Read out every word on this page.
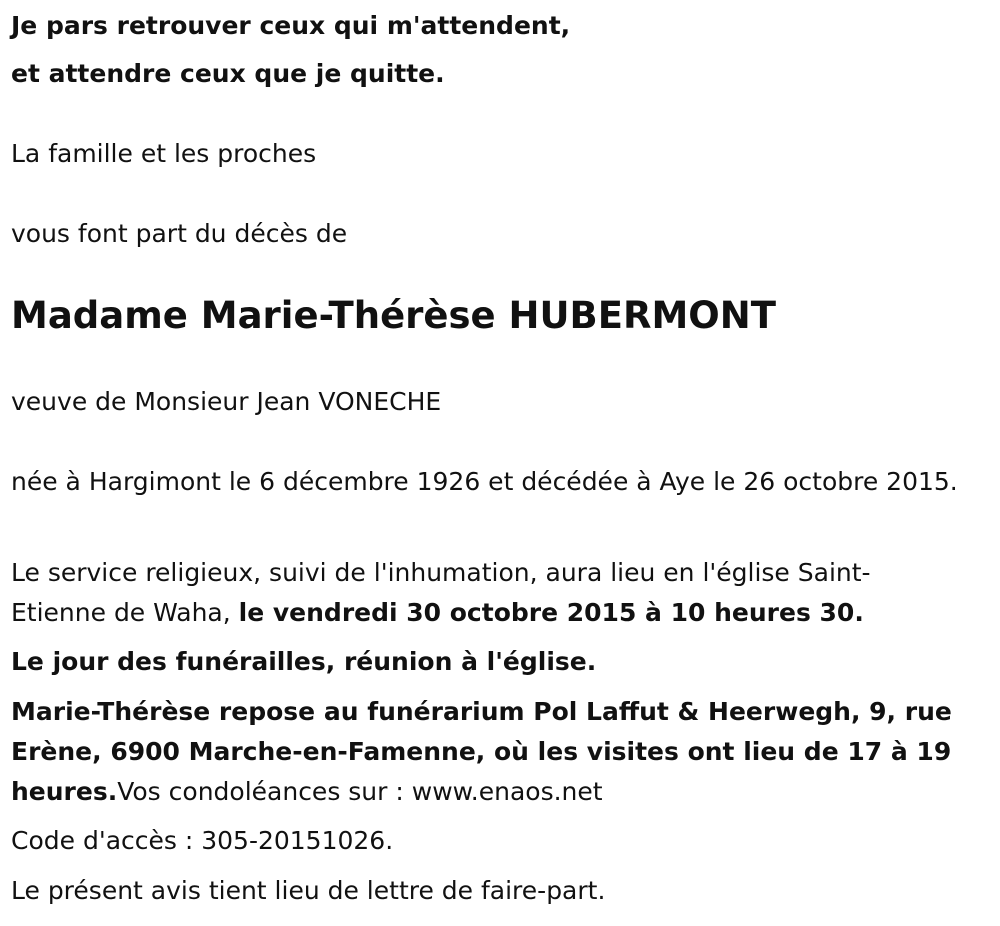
Je pars retrouver ceux qui m'attendent,
et attendre ceux que je quitte.
La famille et les proches
vous font part du décès de
Madame Marie-Thérèse HUBERMONT
veuve de Monsieur Jean VONECHE
née à Hargimont le 6 décembre 1926 et décédée à Aye le 26 octobre 2015.
Le service religieux, suivi de l'inhumation, aura lieu en l'église Saint-Etienne de Waha, le vendredi 30 octobre 2015 à 10 heures 30.
Le jour des funérailles, réunion à l'église.
Marie-Thérèse repose au funérarium Pol Laffut & Heerwegh, 9, rue Erène, 6900 Marche-en-Famenne, où les visites ont lieu de 17 à 19 heures.Vos condoléances sur : www.enaos.net
Code d'accès : 305-20151026.
Le présent avis tient lieu de lettre de faire-part.
